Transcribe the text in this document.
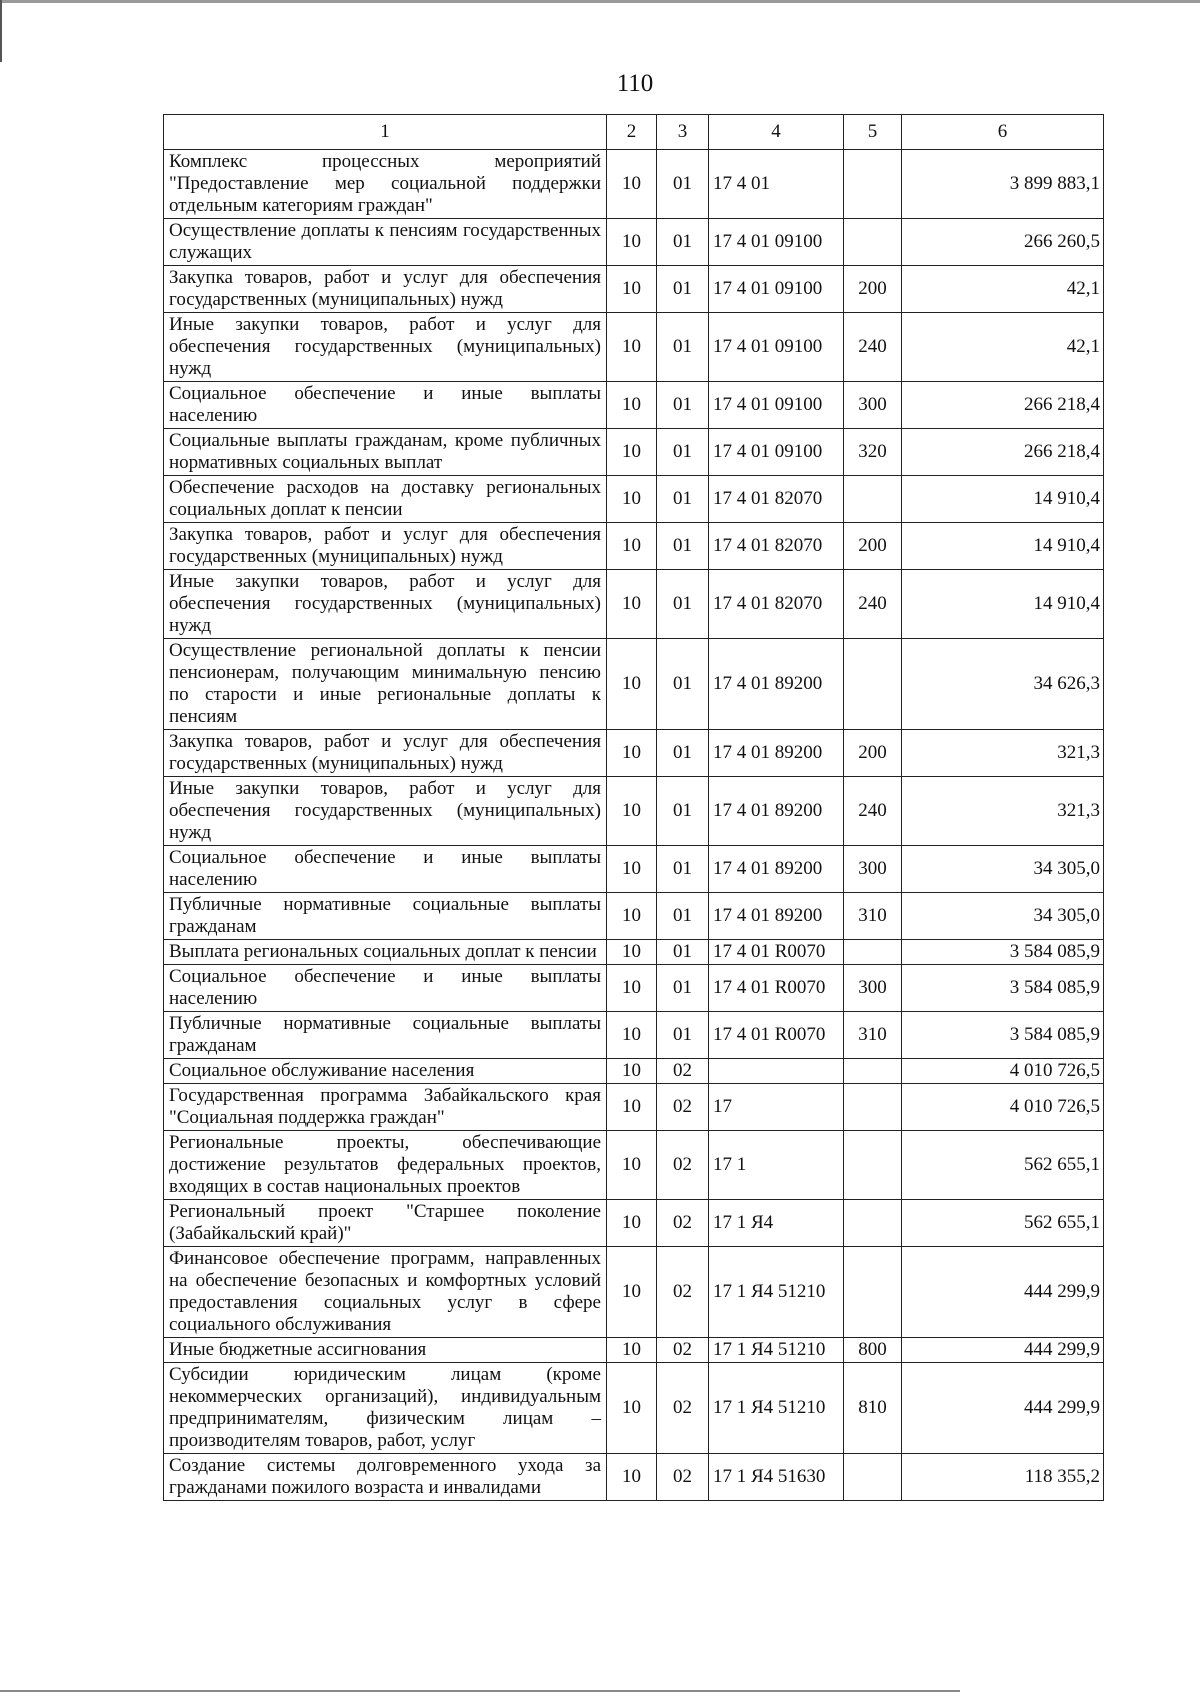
110
1	2	3	4	5	6
Комплекс процессных мероприятий "Предоставление мер социальной поддержки отдельным категориям граждан"	10	01	17 4 01		3 899 883,1
Осуществление доплаты к пенсиям государственных служащих	10	01	17 4 01 09100		266 260,5
Закупка товаров, работ и услуг для обеспечения государственных (муниципальных) нужд	10	01	17 4 01 09100	200	42,1
Иные закупки товаров, работ и услуг для обеспечения государственных (муниципальных) нужд	10	01	17 4 01 09100	240	42,1
Социальное обеспечение и иные выплаты населению	10	01	17 4 01 09100	300	266 218,4
Социальные выплаты гражданам, кроме публичных нормативных социальных выплат	10	01	17 4 01 09100	320	266 218,4
Обеспечение расходов на доставку региональных социальных доплат к пенсии	10	01	17 4 01 82070		14 910,4
Закупка товаров, работ и услуг для обеспечения государственных (муниципальных) нужд	10	01	17 4 01 82070	200	14 910,4
Иные закупки товаров, работ и услуг для обеспечения государственных (муниципальных) нужд	10	01	17 4 01 82070	240	14 910,4
Осуществление региональной доплаты к пенсии пенсионерам, получающим минимальную пенсию по старости и иные региональные доплаты к пенсиям	10	01	17 4 01 89200		34 626,3
Закупка товаров, работ и услуг для обеспечения государственных (муниципальных) нужд	10	01	17 4 01 89200	200	321,3
Иные закупки товаров, работ и услуг для обеспечения государственных (муниципальных) нужд	10	01	17 4 01 89200	240	321,3
Социальное обеспечение и иные выплаты населению	10	01	17 4 01 89200	300	34 305,0
Публичные нормативные социальные выплаты гражданам	10	01	17 4 01 89200	310	34 305,0
Выплата региональных социальных доплат к пенсии	10	01	17 4 01 R0070		3 584 085,9
Социальное обеспечение и иные выплаты населению	10	01	17 4 01 R0070	300	3 584 085,9
Публичные нормативные социальные выплаты гражданам	10	01	17 4 01 R0070	310	3 584 085,9
Социальное обслуживание населения	10	02			4 010 726,5
Государственная программа Забайкальского края "Социальная поддержка граждан"	10	02	17		4 010 726,5
Региональные проекты, обеспечивающие достижение результатов федеральных проектов, входящих в состав национальных проектов	10	02	17 1		562 655,1
Региональный проект "Старшее поколение (Забайкальский край)"	10	02	17 1 Я4		562 655,1
Финансовое обеспечение программ, направленных на обеспечение безопасных и комфортных условий предоставления социальных услуг в сфере социального обслуживания	10	02	17 1 Я4 51210		444 299,9
Иные бюджетные ассигнования	10	02	17 1 Я4 51210	800	444 299,9
Субсидии юридическим лицам (кроме некоммерческих организаций), индивидуальным предпринимателям, физическим лицам – производителям товаров, работ, услуг	10	02	17 1 Я4 51210	810	444 299,9
Создание системы долговременного ухода за гражданами пожилого возраста и инвалидами	10	02	17 1 Я4 51630		118 355,2
